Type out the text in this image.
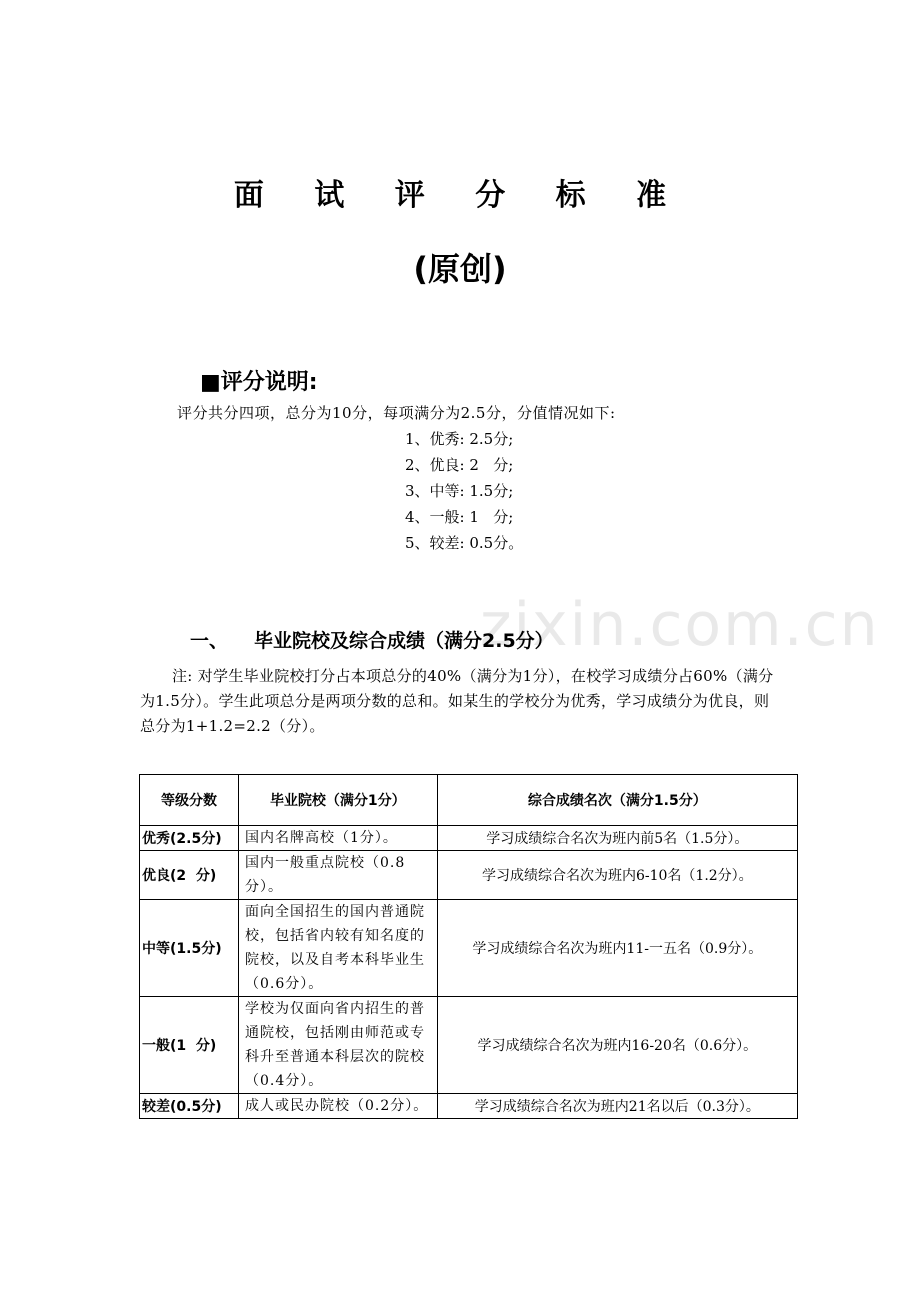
zixin.com.cn
面 试 评 分 标 准
(原创)
■评分说明:
评分共分四项，总分为10分，每项满分为2.5分，分值情况如下:
1、优秀: 2.5分;
2、优良: 2   分;
3、中等: 1.5分;
4、一般: 1   分;
5、较差: 0.5分。
一、 毕业院校及综合成绩（满分2.5分）
注: 对学生毕业院校打分占本项总分的40%（满分为1分），在校学习成绩分占60%（满分为1.5分）。学生此项总分是两项分数的总和。如某生的学校分为优秀，学习成绩分为优良，则总分为1+1.2=2.2（分）。
等级分数	毕业院校（满分1分）	综合成绩名次（满分1.5分）
优秀(2.5分)	国内名牌高校（1分）。	学习成绩综合名次为班内前5名（1.5分）。
优良(2  分)	国内一般重点院校（0.8分）。	学习成绩综合名次为班内6-10名（1.2分）。
中等(1.5分)	面向全国招生的国内普通院校，包括省内较有知名度的院校，以及自考本科毕业生（0.6分）。	学习成绩综合名次为班内11-一五名（0.9分）。
一般(1  分)	学校为仅面向省内招生的普通院校，包括刚由师范或专科升至普通本科层次的院校（0.4分）。	学习成绩综合名次为班内16-20名（0.6分）。
较差(0.5分)	成人或民办院校（0.2分）。	学习成绩综合名次为班内21名以后（0.3分）。
